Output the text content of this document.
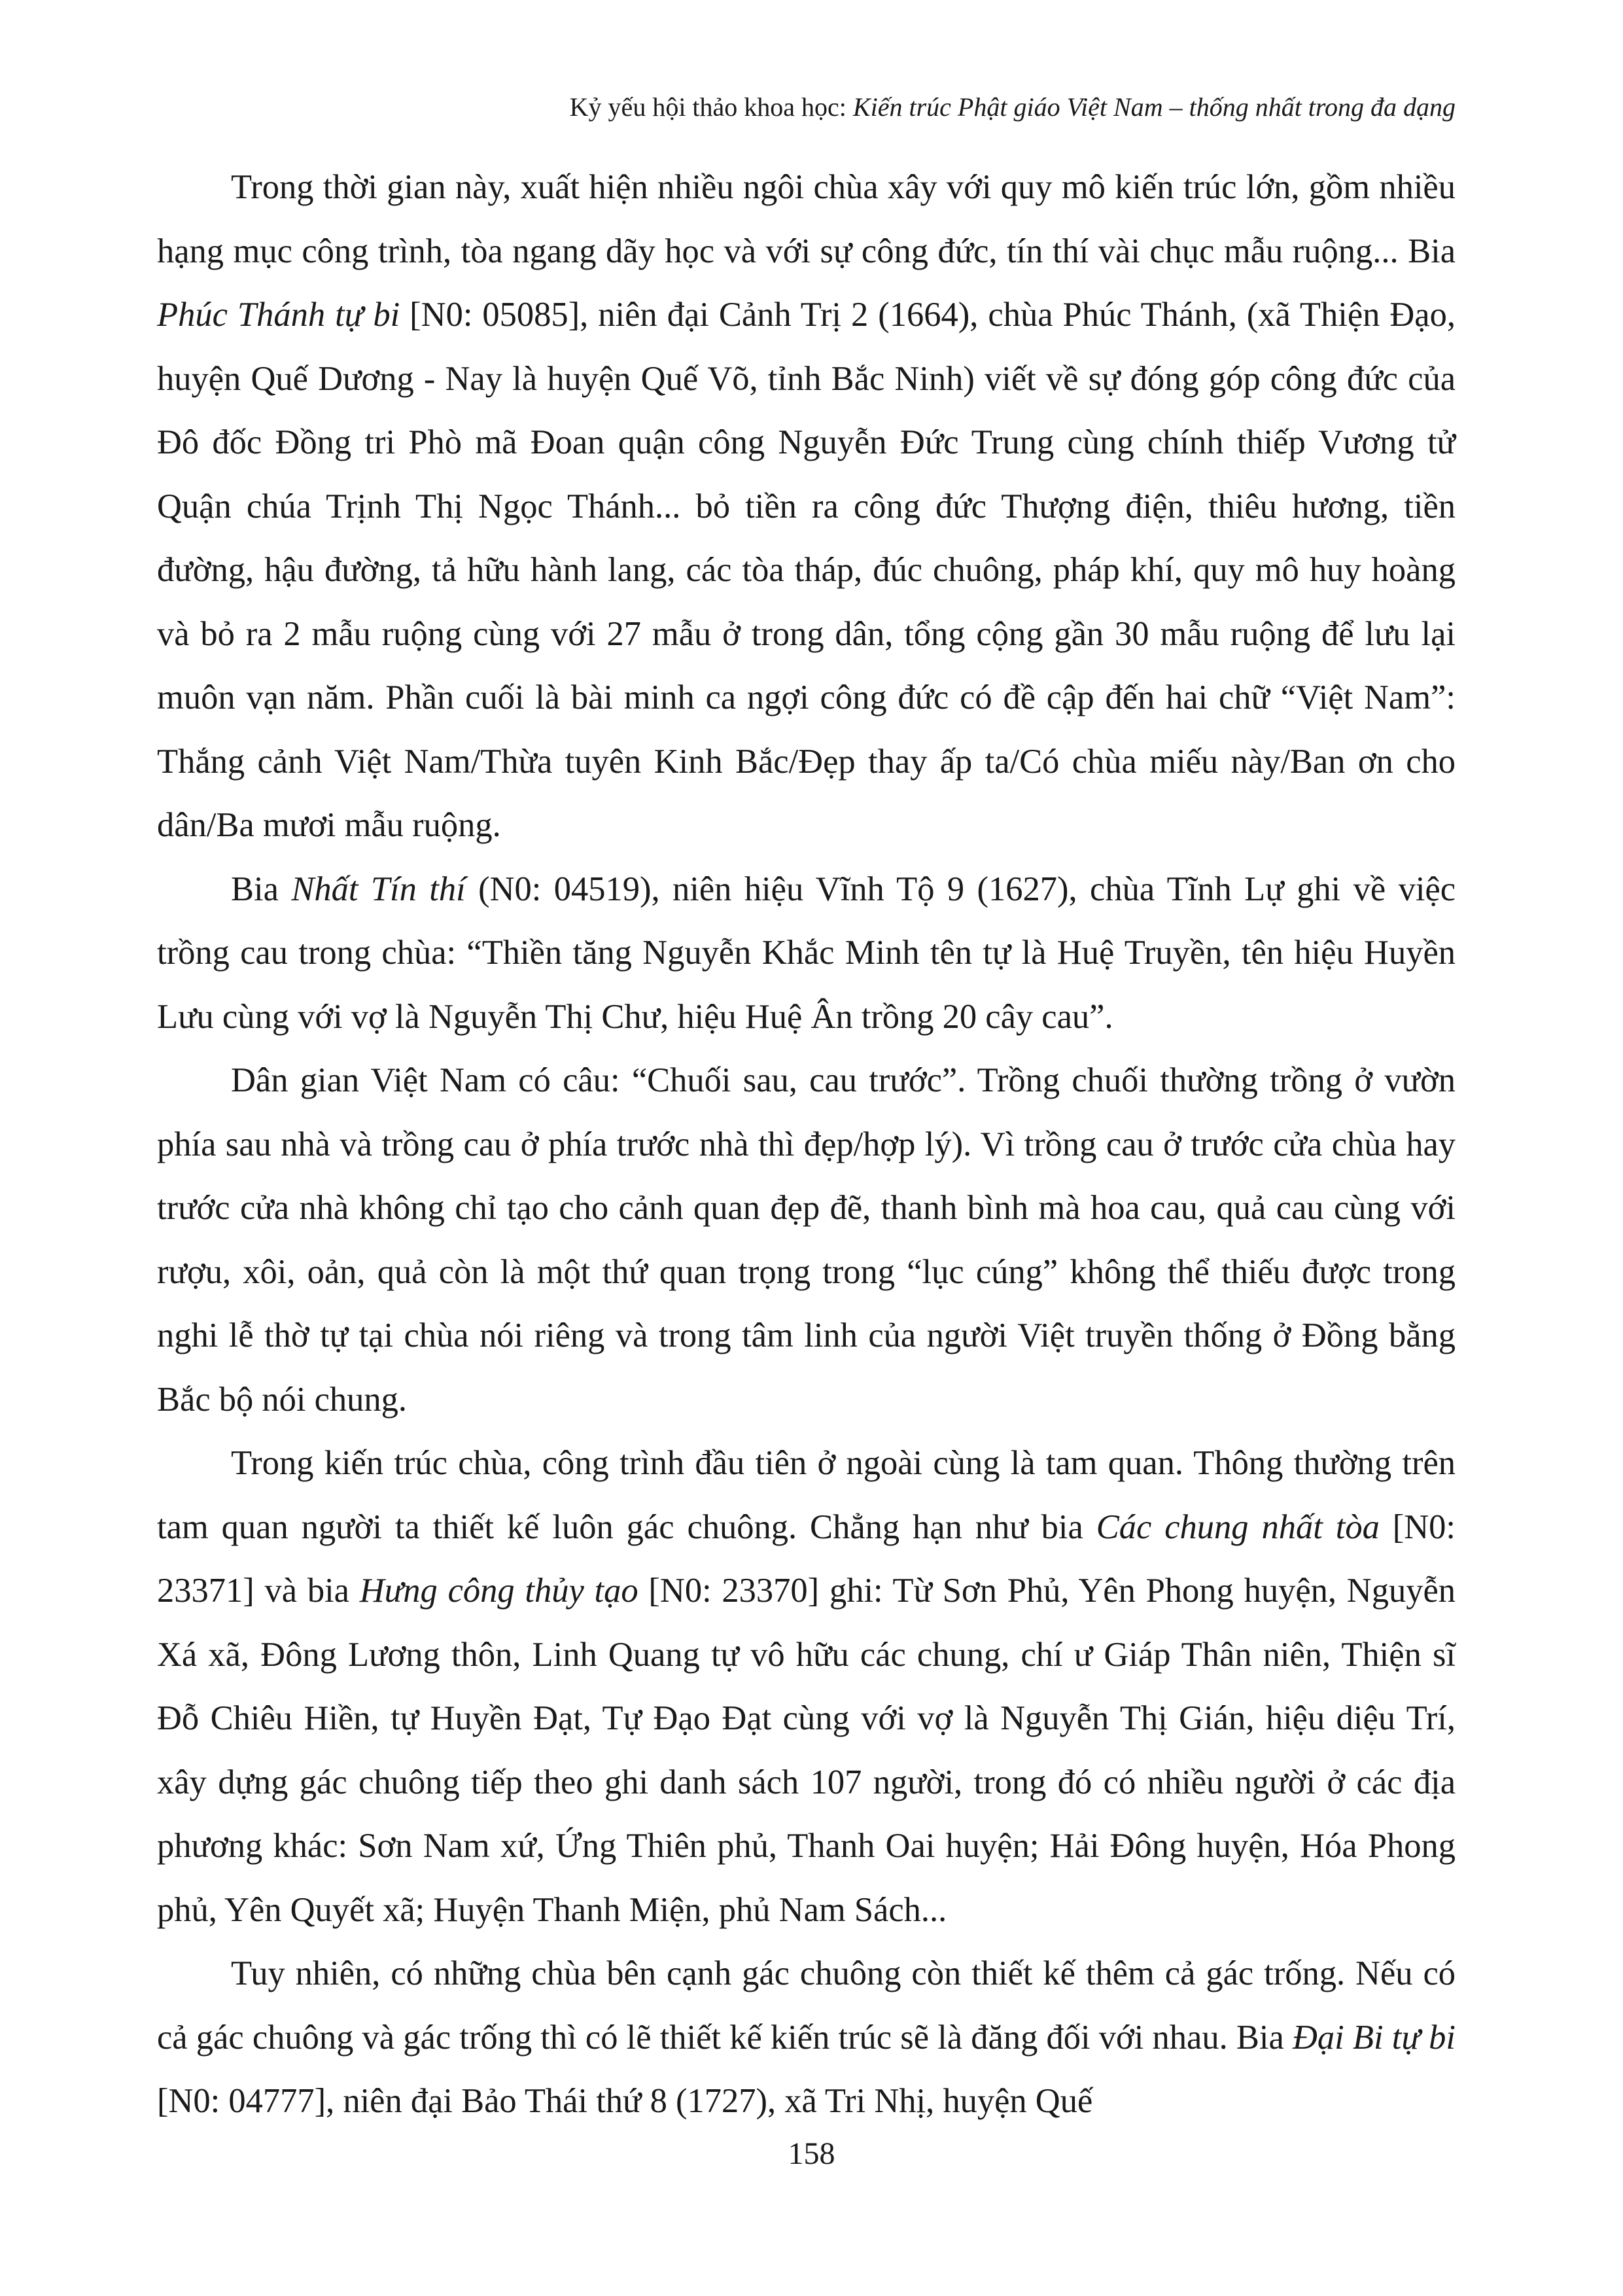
Kỷ yếu hội thảo khoa học: Kiến trúc Phật giáo Việt Nam – thống nhất trong đa dạng

Trong thời gian này, xuất hiện nhiều ngôi chùa xây với quy mô kiến trúc lớn, gồm nhiều hạng mục công trình, tòa ngang dãy học và với sự công đức, tín thí vài chục mẫu ruộng... Bia Phúc Thánh tự bi [N0: 05085], niên đại Cảnh Trị 2 (1664), chùa Phúc Thánh, (xã Thiện Đạo, huyện Quế Dương - Nay là huyện Quế Võ, tỉnh Bắc Ninh) viết về sự đóng góp công đức của Đô đốc Đồng tri Phò mã Đoan quận công Nguyễn Đức Trung cùng chính thiếp Vương tử Quận chúa Trịnh Thị Ngọc Thánh... bỏ tiền ra công đức Thượng điện, thiêu hương, tiền đường, hậu đường, tả hữu hành lang, các tòa tháp, đúc chuông, pháp khí, quy mô huy hoàng và bỏ ra 2 mẫu ruộng cùng với 27 mẫu ở trong dân, tổng cộng gần 30 mẫu ruộng để lưu lại muôn vạn năm. Phần cuối là bài minh ca ngợi công đức có đề cập đến hai chữ “Việt Nam”: Thắng cảnh Việt Nam/Thừa tuyên Kinh Bắc/Đẹp thay ấp ta/Có chùa miếu này/Ban ơn cho dân/Ba mươi mẫu ruộng.

Bia Nhất Tín thí (N0: 04519), niên hiệu Vĩnh Tộ 9 (1627), chùa Tĩnh Lự ghi về việc trồng cau trong chùa: “Thiền tăng Nguyễn Khắc Minh tên tự là Huệ Truyền, tên hiệu Huyền Lưu cùng với vợ là Nguyễn Thị Chư, hiệu Huệ Ân trồng 20 cây cau”.

Dân gian Việt Nam có câu: “Chuối sau, cau trước”. Trồng chuối thường trồng ở vườn phía sau nhà và trồng cau ở phía trước nhà thì đẹp/hợp lý). Vì trồng cau ở trước cửa chùa hay trước cửa nhà không chỉ tạo cho cảnh quan đẹp đẽ, thanh bình mà hoa cau, quả cau cùng với rượu, xôi, oản, quả còn là một thứ quan trọng trong “lục cúng” không thể thiếu được trong nghi lễ thờ tự tại chùa nói riêng và trong tâm linh của người Việt truyền thống ở Đồng bằng Bắc bộ nói chung.

Trong kiến trúc chùa, công trình đầu tiên ở ngoài cùng là tam quan. Thông thường trên tam quan người ta thiết kế luôn gác chuông. Chẳng hạn như bia Các chung nhất tòa [N0: 23371] và bia Hưng công thủy tạo [N0: 23370] ghi: Từ Sơn Phủ, Yên Phong huyện, Nguyễn Xá xã, Đông Lương thôn, Linh Quang tự vô hữu các chung, chí ư Giáp Thân niên, Thiện sĩ Đỗ Chiêu Hiền, tự Huyền Đạt, Tự Đạo Đạt cùng với vợ là Nguyễn Thị Gián, hiệu diệu Trí, xây dựng gác chuông tiếp theo ghi danh sách 107 người, trong đó có nhiều người ở các địa phương khác: Sơn Nam xứ, Ứng Thiên phủ, Thanh Oai huyện; Hải Đông huyện, Hóa Phong phủ, Yên Quyết xã; Huyện Thanh Miện, phủ Nam Sách...

Tuy nhiên, có những chùa bên cạnh gác chuông còn thiết kế thêm cả gác trống. Nếu có cả gác chuông và gác trống thì có lẽ thiết kế kiến trúc sẽ là đăng đối với nhau. Bia Đại Bi tự bi [N0: 04777], niên đại Bảo Thái thứ 8 (1727), xã Tri Nhị, huyện Quế

158
